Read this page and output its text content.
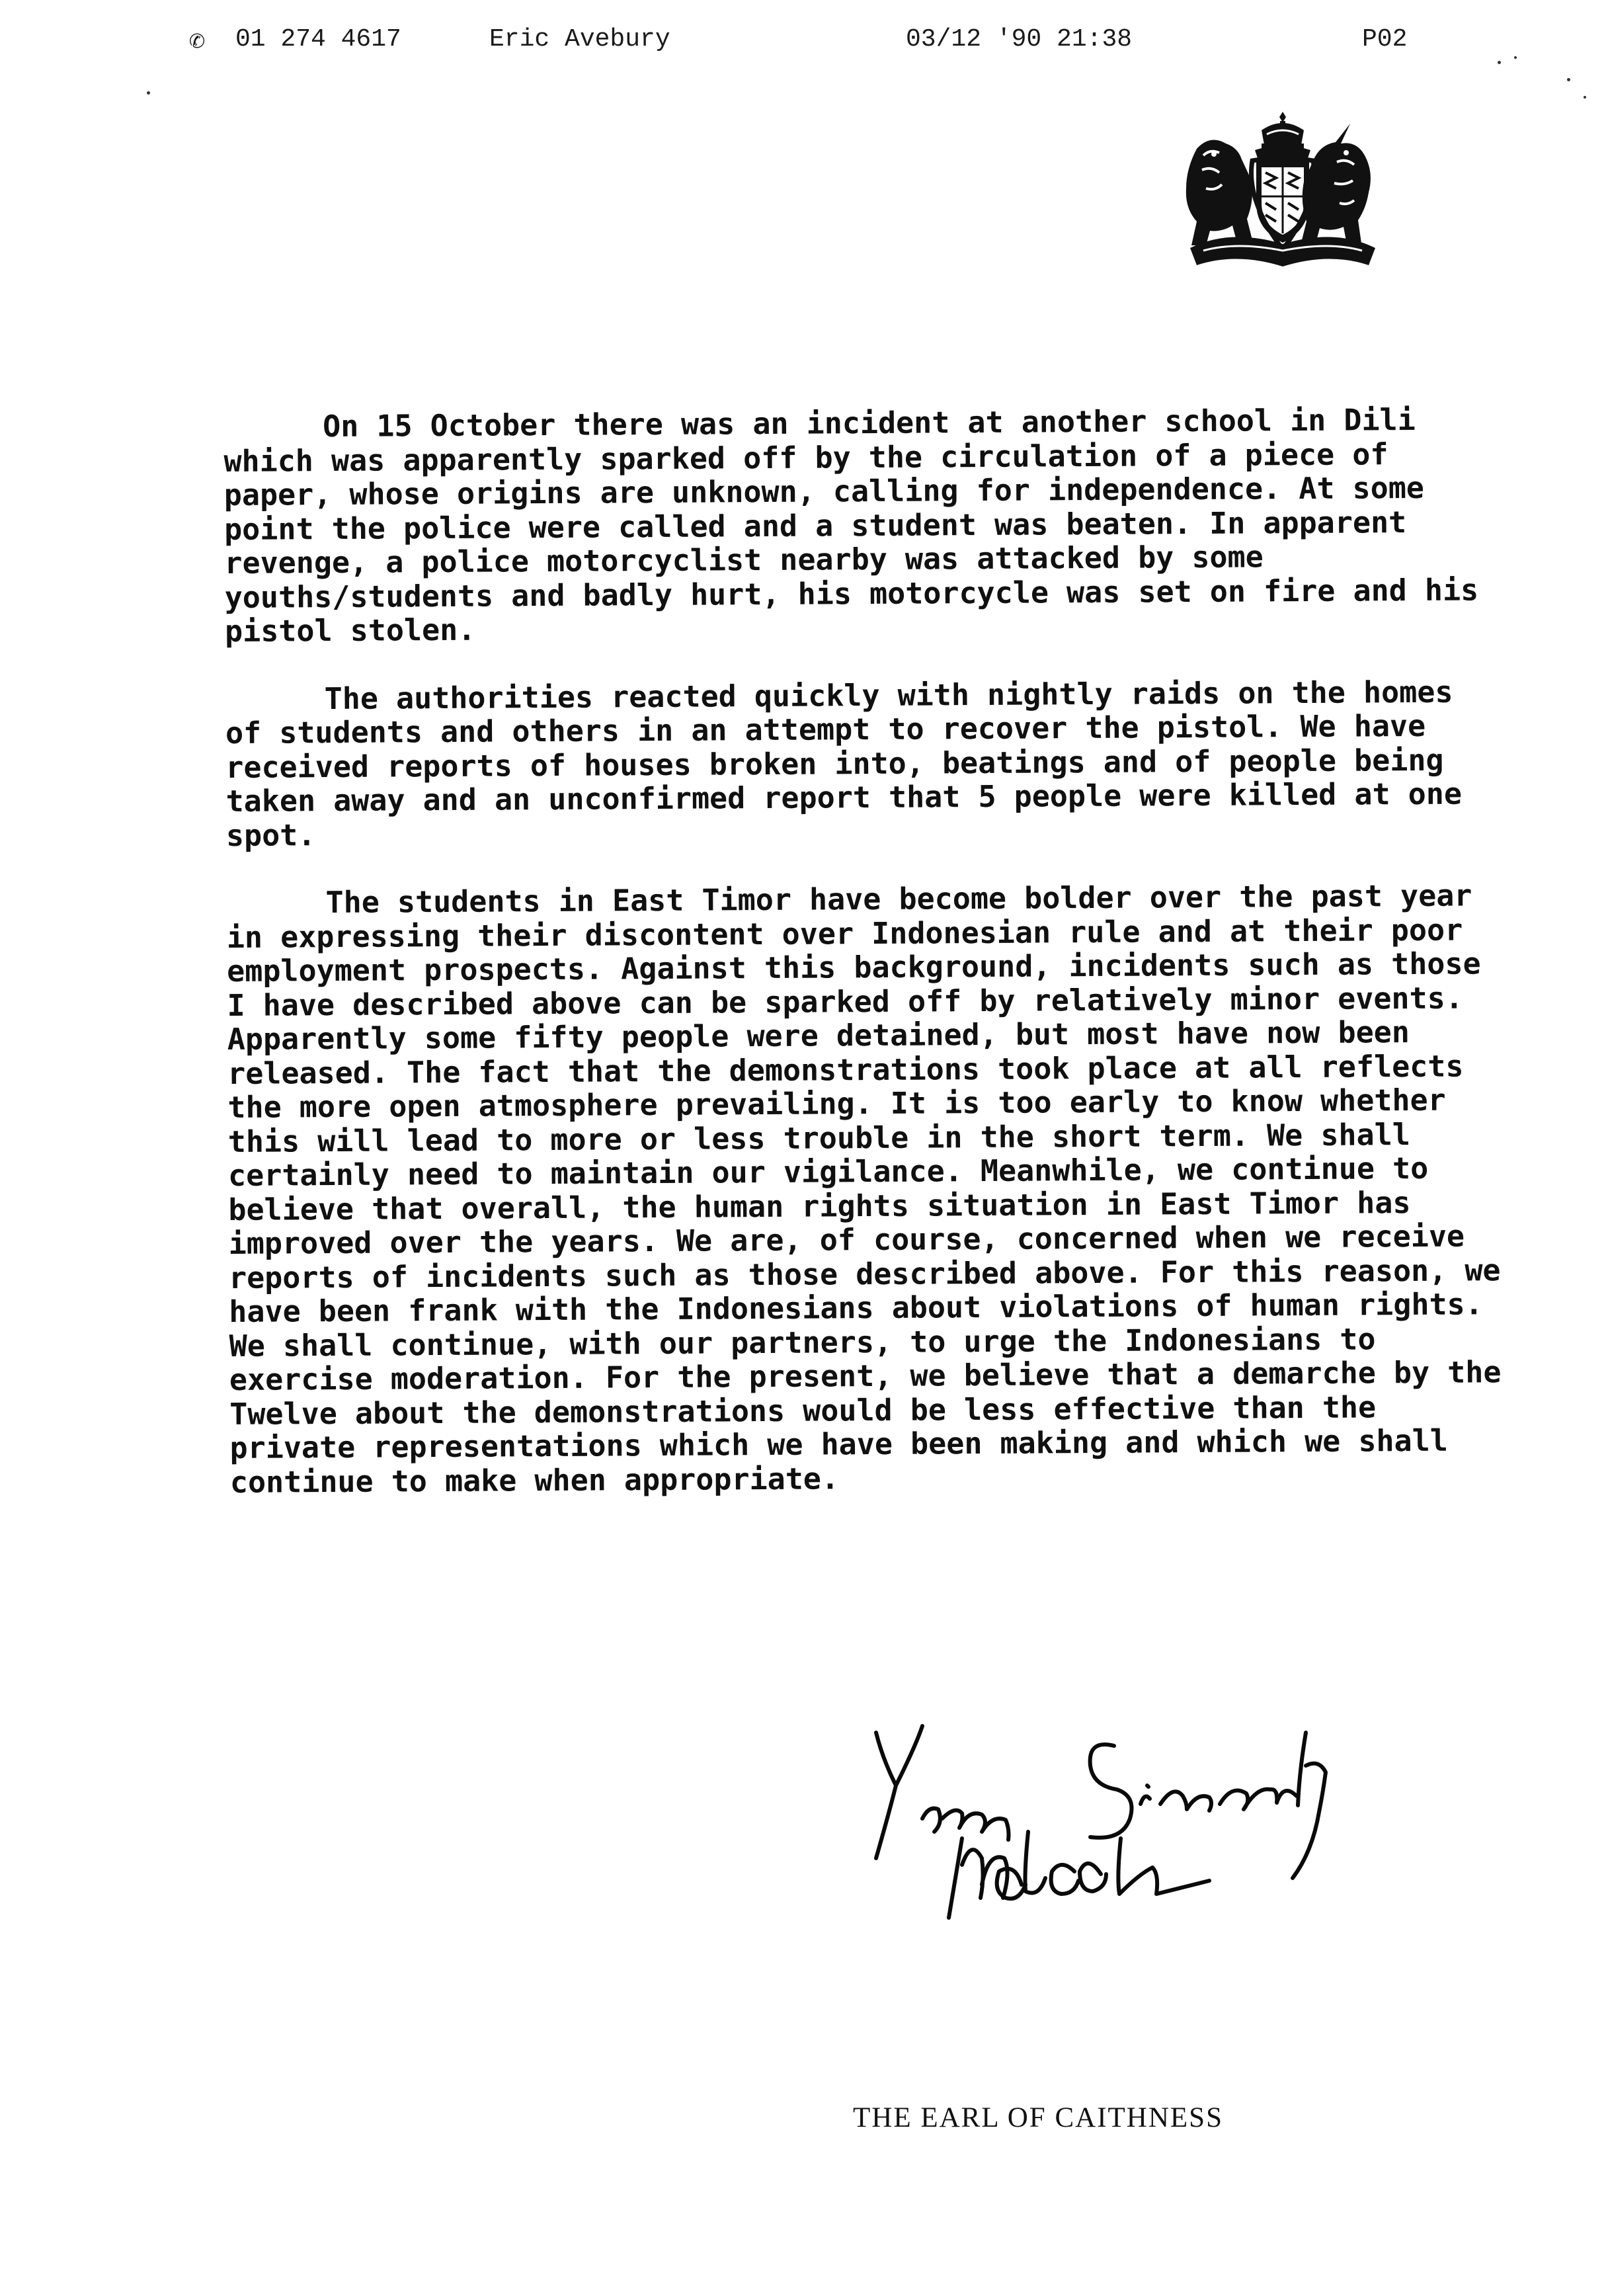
✆ 01 274 4617	Eric Avebury	03/12 '90 21:38	P02

On 15 October there was an incident at another school in Dili which was apparently sparked off by the circulation of a piece of paper, whose origins are unknown, calling for independence. At some point the police were called and a student was beaten. In apparent revenge, a police motorcyclist nearby was attacked by some youths/students and badly hurt, his motorcycle was set on fire and his pistol stolen.

The authorities reacted quickly with nightly raids on the homes of students and others in an attempt to recover the pistol. We have received reports of houses broken into, beatings and of people being taken away and an unconfirmed report that 5 people were killed at one spot.

The students in East Timor have become bolder over the past year in expressing their discontent over Indonesian rule and at their poor employment prospects. Against this background, incidents such as those I have described above can be sparked off by relatively minor events. Apparently some fifty people were detained, but most have now been released. The fact that the demonstrations took place at all reflects the more open atmosphere prevailing. It is too early to know whether this will lead to more or less trouble in the short term. We shall certainly need to maintain our vigilance. Meanwhile, we continue to believe that overall, the human rights situation in East Timor has improved over the years. We are, of course, concerned when we receive reports of incidents such as those described above. For this reason, we have been frank with the Indonesians about violations of human rights. We shall continue, with our partners, to urge the Indonesians to exercise moderation. For the present, we believe that a demarche by the Twelve about the demonstrations would be less effective than the private representations which we have been making and which we shall continue to make when appropriate.

THE EARL OF CAITHNESS
